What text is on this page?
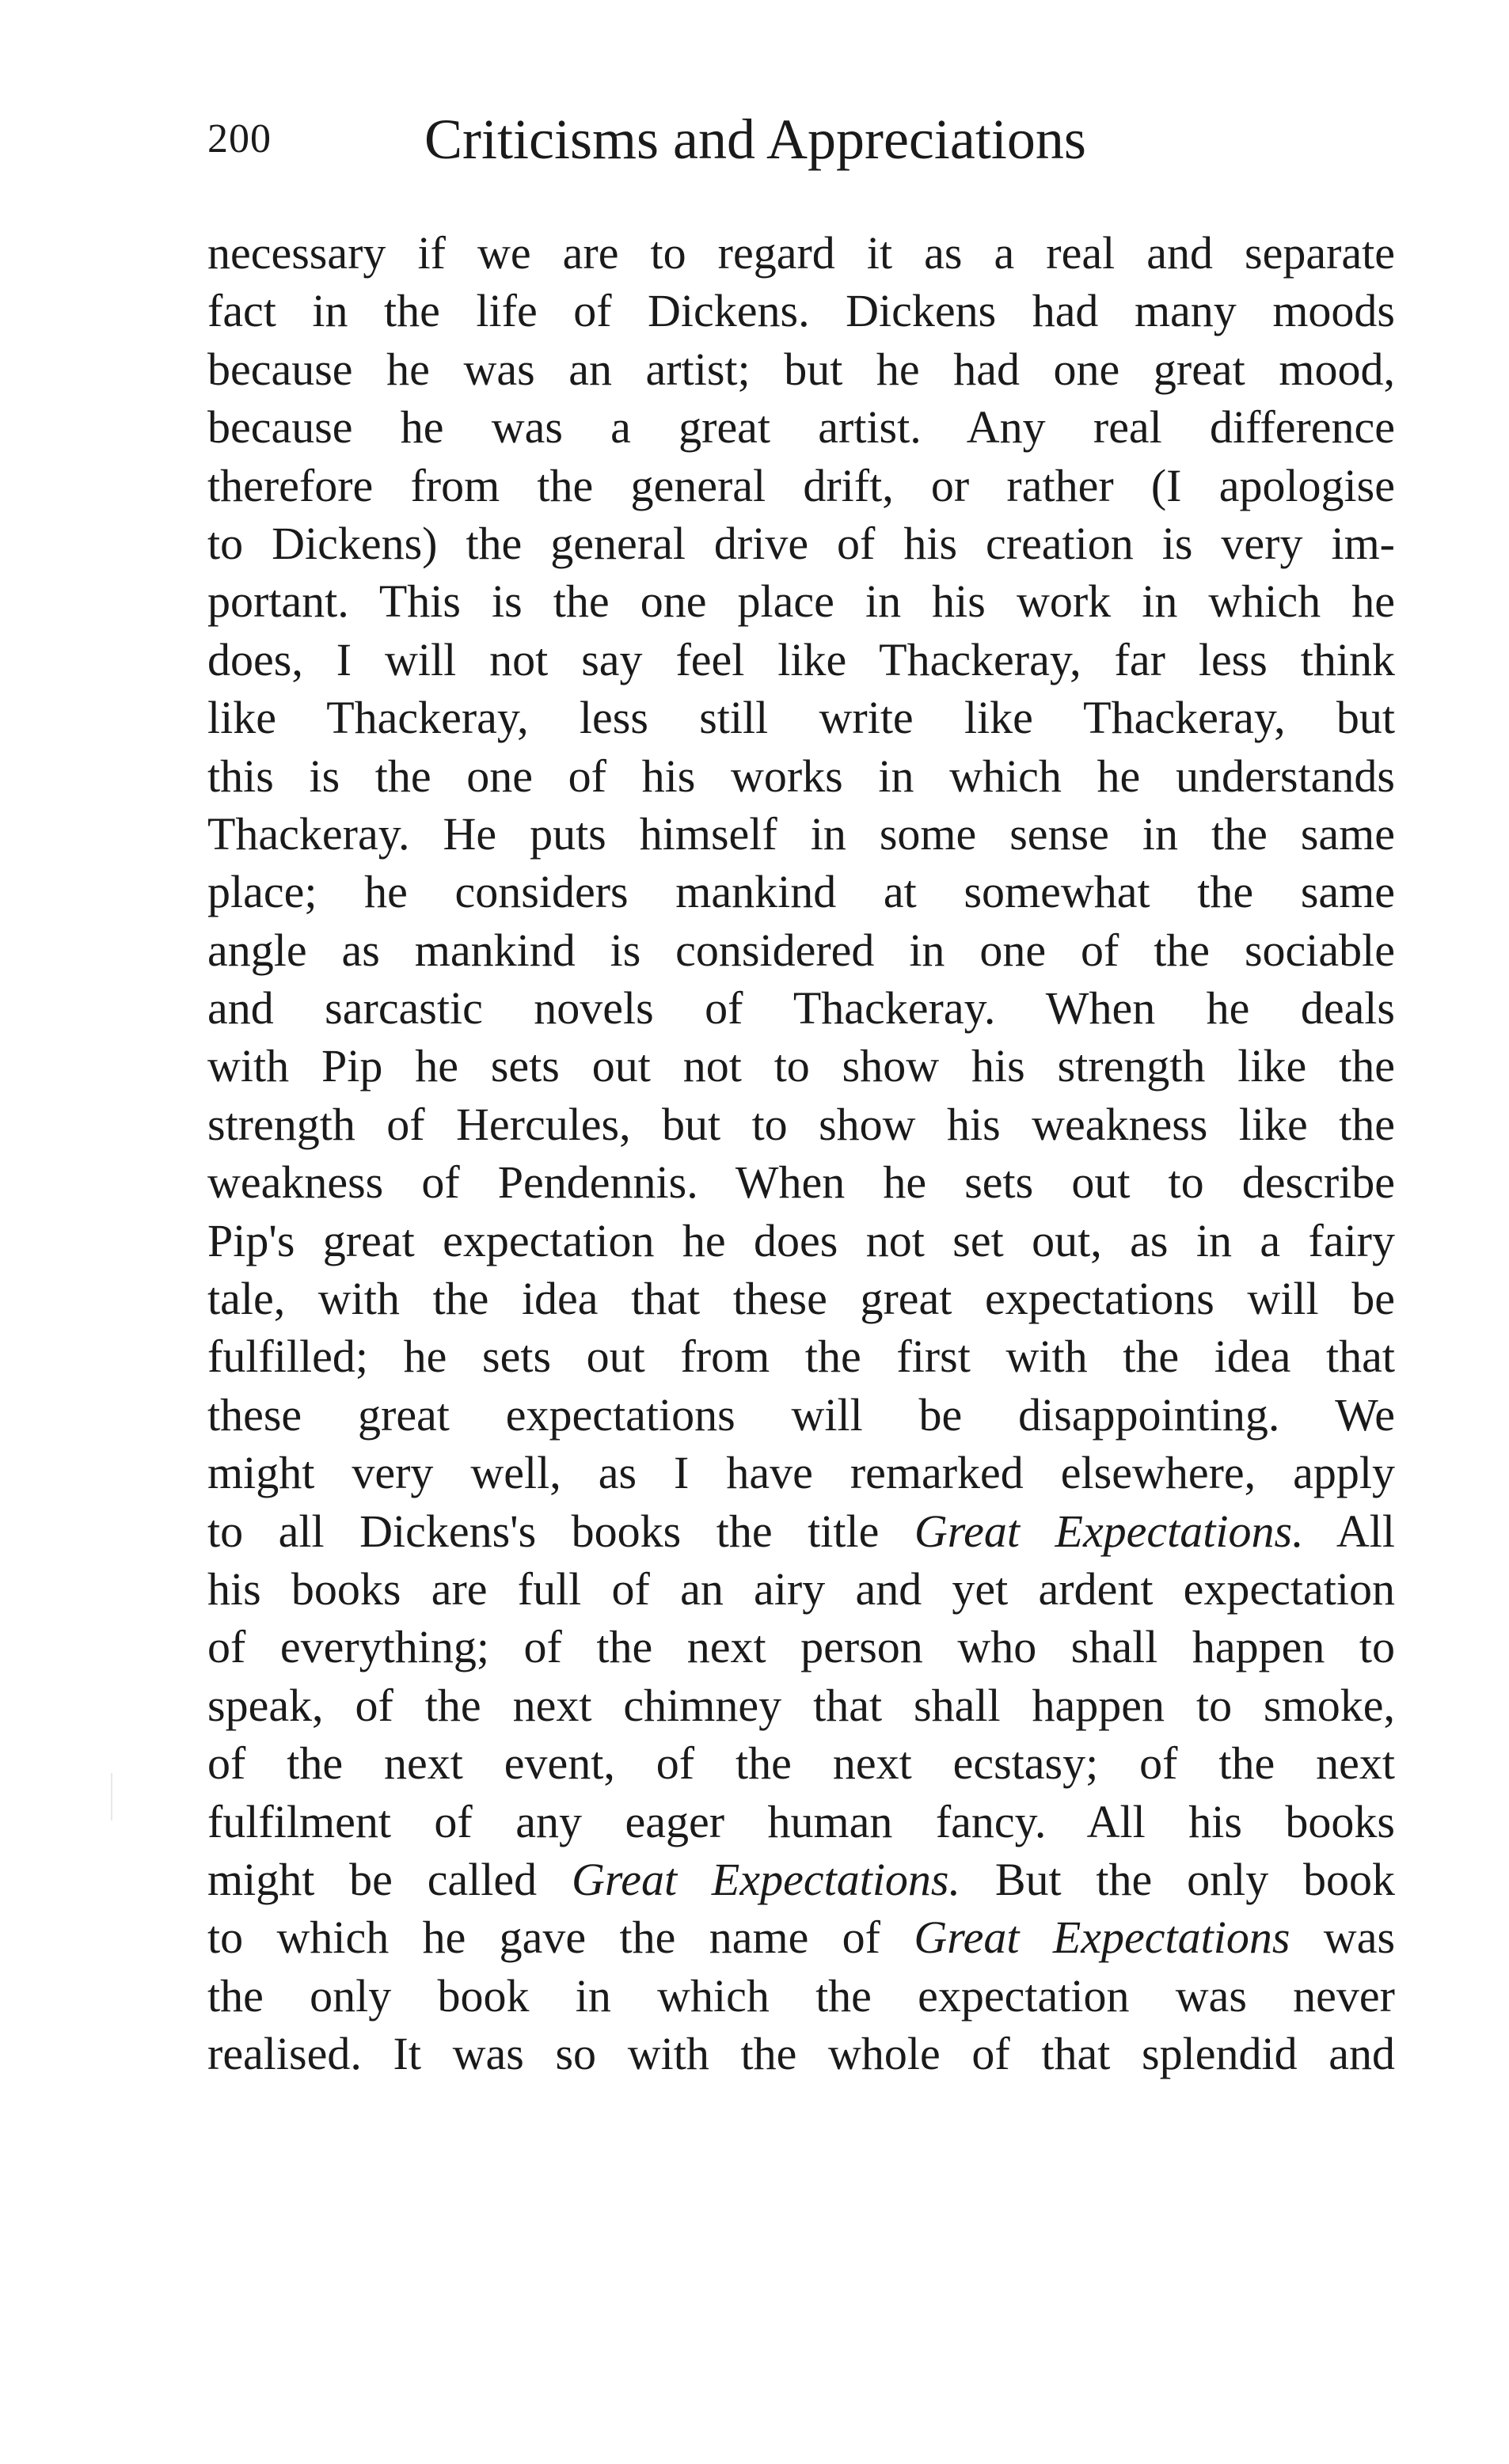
200	Criticisms and Appreciations
necessary if we are to regard it as a real and separate
fact in the life of Dickens. Dickens had many moods
because he was an artist; but he had one great mood,
because he was a great artist. Any real difference
therefore from the general drift, or rather (I apologise
to Dickens) the general drive of his creation is very im-
portant. This is the one place in his work in which he
does, I will not say feel like Thackeray, far less think
like Thackeray, less still write like Thackeray, but
this is the one of his works in which he understands
Thackeray. He puts himself in some sense in the same
place; he considers mankind at somewhat the same
angle as mankind is considered in one of the sociable
and sarcastic novels of Thackeray. When he deals
with Pip he sets out not to show his strength like the
strength of Hercules, but to show his weakness like the
weakness of Pendennis. When he sets out to describe
Pip's great expectation he does not set out, as in a fairy
tale, with the idea that these great expectations will be
fulfilled; he sets out from the first with the idea that
these great expectations will be disappointing. We
might very well, as I have remarked elsewhere, apply
to all Dickens's books the title Great Expectations. All
his books are full of an airy and yet ardent expectation
of everything; of the next person who shall happen to
speak, of the next chimney that shall happen to smoke,
of the next event, of the next ecstasy; of the next
fulfilment of any eager human fancy. All his books
might be called Great Expectations. But the only book
to which he gave the name of Great Expectations was
the only book in which the expectation was never
realised. It was so with the whole of that splendid and
